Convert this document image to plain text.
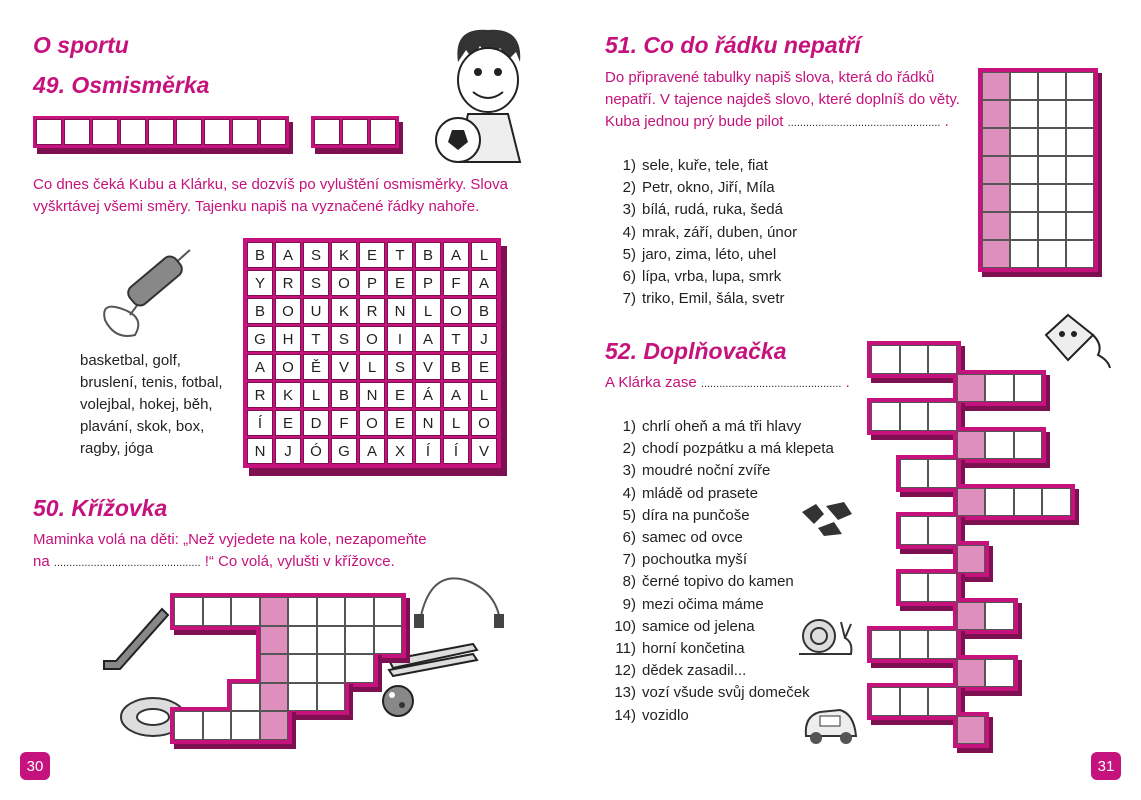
O sportu
49. Osmisměrka
Co dnes čeká Kubu a Klárku, se dozvíš po vyluštění osmisměrky. Slova
vyškrtávej všemi směry. Tajenku napiš na vyznačené řádky nahoře.
B	A	S	K	E	T	B	A	L
Y	R	S	O	P	E	P	F	A
B	O	U	K	R	N	L	O	B
G	H	T	S	O	I	A	T	J
A	O	Ě	V	L	S	V	B	E
R	K	L	B	N	E	Á	A	L
Í	E	D	F	O	E	N	L	O
N	J	Ó	G	A	X	Í	Í	V
basketbal, golf,
bruslení, tenis, fotbal,
volejbal, hokej, běh,
plavání, skok, box,
ragby, jóga
50. Křížovka
Maminka volá na děti: „Než vyjedete na kole, nezapomeňte
na ................................................ !“ Co volá, vylušti v křížovce.
30
51. Co do řádku nepatří
Do připravené tabulky napiš slova, která do řádků
nepatří. V tajence najdeš slovo, které doplníš do věty.
Kuba jednou prý bude pilot .................................................. .
1) sele, kuře, tele, fiat
2) Petr, okno, Jiří, Míla
3) bílá, rudá, ruka, šedá
4) mrak, září, duben, únor
5) jaro, zima, léto, uhel
6) lípa, vrba, lupa, smrk
7) triko, Emil, šála, svetr
52. Doplňovačka
A Klárka zase .............................................. .
1) chrlí oheň a má tři hlavy
2) chodí pozpátku a má klepeta
3) moudré noční zvíře
4) mládě od prasete
5) díra na punčoše
6) samec od ovce
7) pochoutka myší
8) černé topivo do kamen
9) mezi očima máme
10) samice od jelena
11) horní končetina
12) dědek zasadil...
13) vozí všude svůj domeček
14) vozidlo
31
